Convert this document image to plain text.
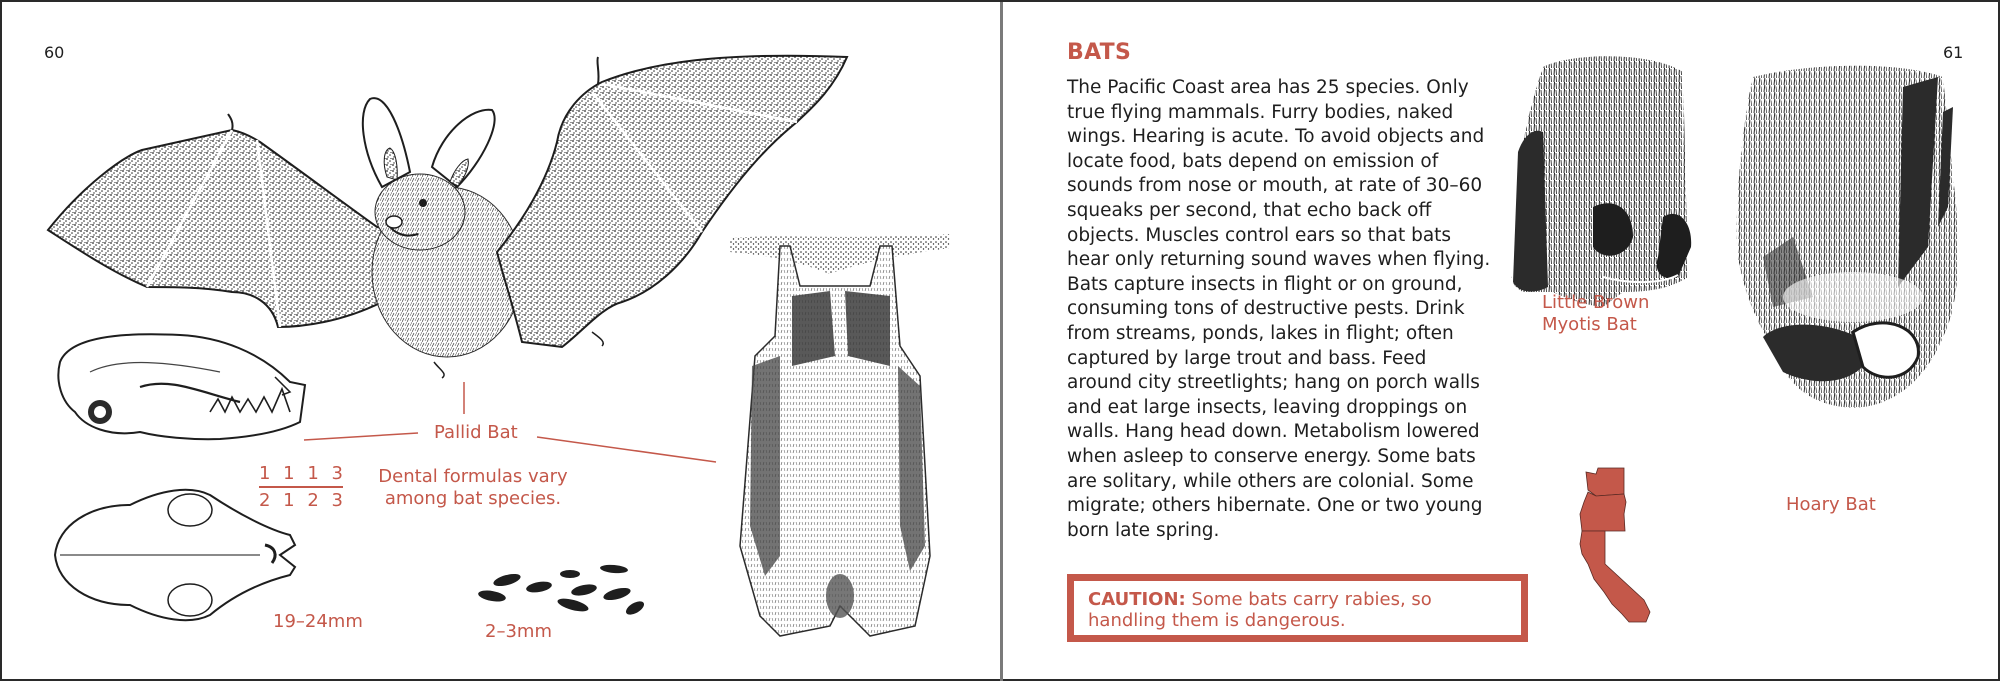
60
Pallid Bat
1 1 1 3
2 1 2 3
Dental formulas vary
among bat species.
19–24mm	2–3mm
61
BATS
The Pacific Coast area has 25 species. Only true flying mammals. Furry bodies, naked wings. Hearing is acute. To avoid objects and locate food, bats depend on emission of sounds from nose or mouth, at rate of 30–60 squeaks per second, that echo back off objects. Muscles control ears so that bats hear only returning sound waves when flying. Bats capture insects in flight or on ground, consuming tons of destructive pests. Drink from streams, ponds, lakes in flight; often captured by large trout and bass. Feed around city streetlights; hang on porch walls and eat large insects, leaving droppings on walls. Hang head down. Metabolism lowered when asleep to conserve energy. Some bats are solitary, while others are colonial. Some migrate; others hibernate. One or two young born late spring.
CAUTION: Some bats carry rabies, so handling them is dangerous.
Little Brown
Myotis Bat
Hoary Bat
